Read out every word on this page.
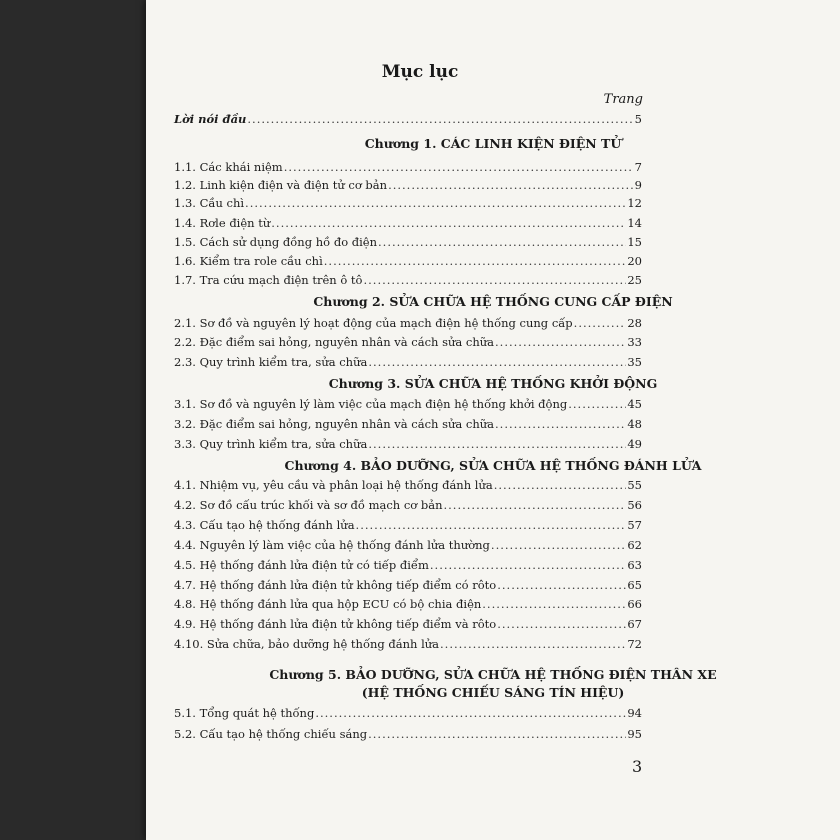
Mục lục
Trang
Lời nói đầu .....	5
Chương 1. CÁC LINH KIỆN ĐIỆN TỬ
1.1. Các khái niệm .....	7
1.2. Linh kiện điện và điện tử cơ bản .....	9
1.3. Cầu chì .....	12
1.4. Rơle điện từ .....	14
1.5. Cách sử dụng đồng hồ đo điện .....	15
1.6. Kiểm tra role cầu chì .....	20
1.7. Tra cứu mạch điện trên ô tô .....	25
Chương 2. SỬA CHỮA HỆ THỐNG CUNG CẤP ĐIỆN
2.1. Sơ đồ và nguyên lý hoạt động của mạch điện hệ thống cung cấp .....	28
2.2. Đặc điểm sai hỏng, nguyên nhân và cách sửa chữa .....	33
2.3. Quy trình kiểm tra, sửa chữa .....	35
Chương 3. SỬA CHỮA HỆ THỐNG KHỞI ĐỘNG
3.1. Sơ đồ và nguyên lý làm việc của mạch điện hệ thống khởi động .....	45
3.2. Đặc điểm sai hỏng, nguyên nhân và cách sửa chữa .....	48
3.3. Quy trình kiểm tra, sửa chữa .....	49
Chương 4. BẢO DƯỠNG, SỬA CHỮA HỆ THỐNG ĐÁNH LỬA
4.1. Nhiệm vụ, yêu cầu và phân loại hệ thống đánh lửa .....	55
4.2. Sơ đồ cấu trúc khối và sơ đồ mạch cơ bản .....	56
4.3. Cấu tạo hệ thống đánh lửa .....	57
4.4. Nguyên lý làm việc của hệ thống đánh lửa thường .....	62
4.5. Hệ thống đánh lửa điện tử có tiếp điểm .....	63
4.7. Hệ thống đánh lửa điện tử không tiếp điểm có rôto .....	65
4.8. Hệ thống đánh lửa qua hộp ECU có bộ chia điện .....	66
4.9. Hệ thống đánh lửa điện tử không tiếp điểm và rôto .....	67
4.10. Sửa chữa, bảo dưỡng hệ thống đánh lửa .....	72
Chương 5. BẢO DƯỠNG, SỬA CHỮA HỆ THỐNG ĐIỆN THÂN XE
(HỆ THỐNG CHIẾU SÁNG TÍN HIỆU)
5.1. Tổng quát hệ thống .....	94
5.2. Cấu tạo hệ thống chiếu sáng .....	95
3
